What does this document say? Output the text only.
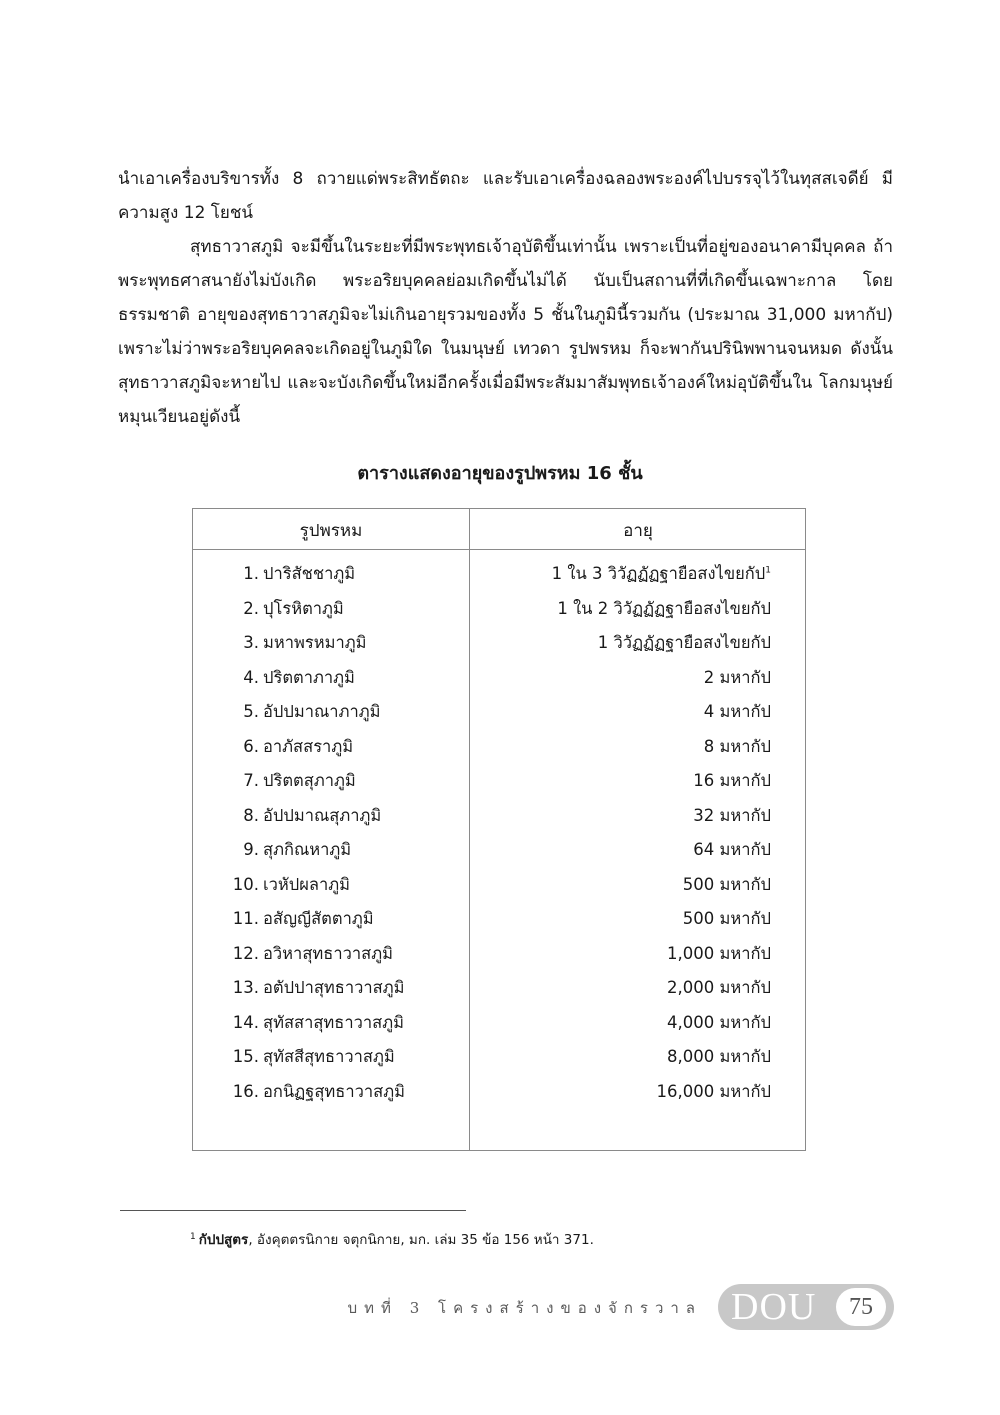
นำเอาเครื่องบริขารทั้ง 8 ถวายแด่พระสิทธัตถะ และรับเอาเครื่องฉลองพระองค์ไปบรรจุไว้ในทุสสเจดีย์ มีความสูง 12 โยชน์

สุทธาวาสภูมิ จะมีขึ้นในระยะที่มีพระพุทธเจ้าอุบัติขึ้นเท่านั้น เพราะเป็นที่อยู่ของอนาคามีบุคคล ถ้าพระพุทธศาสนายังไม่บังเกิด พระอริยบุคคลย่อมเกิดขึ้นไม่ได้ นับเป็นสถานที่ที่เกิดขึ้นเฉพาะกาล โดยธรรมชาติ อายุของสุทธาวาสภูมิจะไม่เกินอายุรวมของทั้ง 5 ชั้นในภูมินี้รวมกัน (ประมาณ 31,000 มหากัป) เพราะไม่ว่าพระอริยบุคคลจะเกิดอยู่ในภูมิใด ในมนุษย์ เทวดา รูปพรหม ก็จะพากันปรินิพพานจนหมด ดังนั้นสุทธาวาสภูมิจะหายไป และจะบังเกิดขึ้นใหม่อีกครั้งเมื่อมีพระสัมมาสัมพุทธเจ้าองค์ใหม่อุบัติขึ้นใน โลกมนุษย์ หมุนเวียนอยู่ดังนี้

ตารางแสดงอายุของรูปพรหม 16 ชั้น
รูปพรหม	อายุ
1. ปาริสัชชาภูมิ	1 ใน 3 วิวัฏฏัฏฐายือสงไขยกัป$^1$
2. ปุโรหิตาภูมิ	1 ใน 2 วิวัฏฏัฏฐายือสงไขยกัป
3. มหาพรหมาภูมิ	1 วิวัฏฏัฏฐายือสงไขยกัป
4. ปริตตาภาภูมิ	2 มหากัป
5. อัปปมาณาภาภูมิ	4 มหากัป
6. อาภัสสราภูมิ	8 มหากัป
7. ปริตตสุภาภูมิ	16 มหากัป
8. อัปปมาณสุภาภูมิ	32 มหากัป
9. สุภกิณหาภูมิ	64 มหากัป
10. เวหัปผลาภูมิ	500 มหากัป
11. อสัญญีสัตตาภูมิ	500 มหากัป
12. อวิหาสุทธาวาสภูมิ	1,000 มหากัป
13. อตัปปาสุทธาวาสภูมิ	2,000 มหากัป
14. สุทัสสาสุทธาวาสภูมิ	4,000 มหากัป
15. สุทัสสีสุทธาวาสภูมิ	8,000 มหากัป
16. อกนิฏฐสุทธาวาสภูมิ	16,000 มหากัป
$^1$ กัปปสูตร, อังคุตตรนิกาย จตุกนิกาย, มก. เล่ม 35 ข้อ 156 หน้า 371.
บทที่ 3 โครงสร้างของจักรวาล DOU	75
